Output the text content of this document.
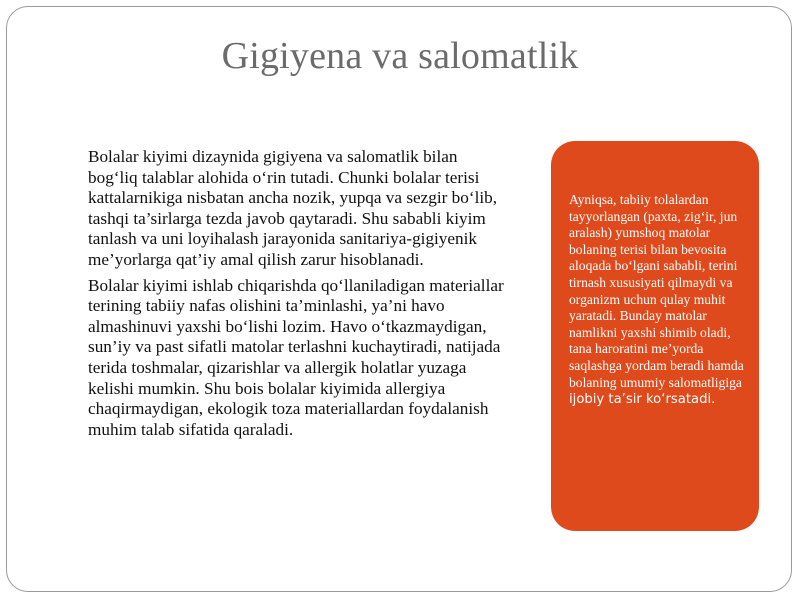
Gigiyena va salomatlik

Bolalar kiyimi dizaynida gigiyena va salomatlik bilan bog‘liq talablar alohida o‘rin tutadi. Chunki bolalar terisi kattalarnikiga nisbatan ancha nozik, yupqa va sezgir bo‘lib, tashqi ta’sirlarga tezda javob qaytaradi. Shu sababli kiyim tanlash va uni loyihalash jarayonida sanitariya-gigiyenik me’yorlarga qat’iy amal qilish zarur hisoblanadi.

Bolalar kiyimi ishlab chiqarishda qo‘llaniladigan materiallar terining tabiiy nafas olishini ta’minlashi, ya’ni havo almashinuvi yaxshi bo‘lishi lozim. Havo o‘tkazmaydigan, sun’iy va past sifatli matolar terlashni kuchaytiradi, natijada terida toshmalar, qizarishlar va allergik holatlar yuzaga kelishi mumkin. Shu bois bolalar kiyimida allergiya chaqirmaydigan, ekologik toza materiallardan foydalanish muhim talab sifatida qaraladi.

Ayniqsa, tabiiy tolalardan tayyorlangan (paxta, zig‘ir, jun aralash) yumshoq matolar bolaning terisi bilan bevosita aloqada bo‘lgani sababli, terini tirnash xususiyati qilmaydi va organizm uchun qulay muhit yaratadi. Bunday matolar namlikni yaxshi shimib oladi, tana haroratini me’yorda saqlashga yordam beradi hamda bolaning umumiy salomatligiga ijobiy ta’sir ko‘rsatadi.
